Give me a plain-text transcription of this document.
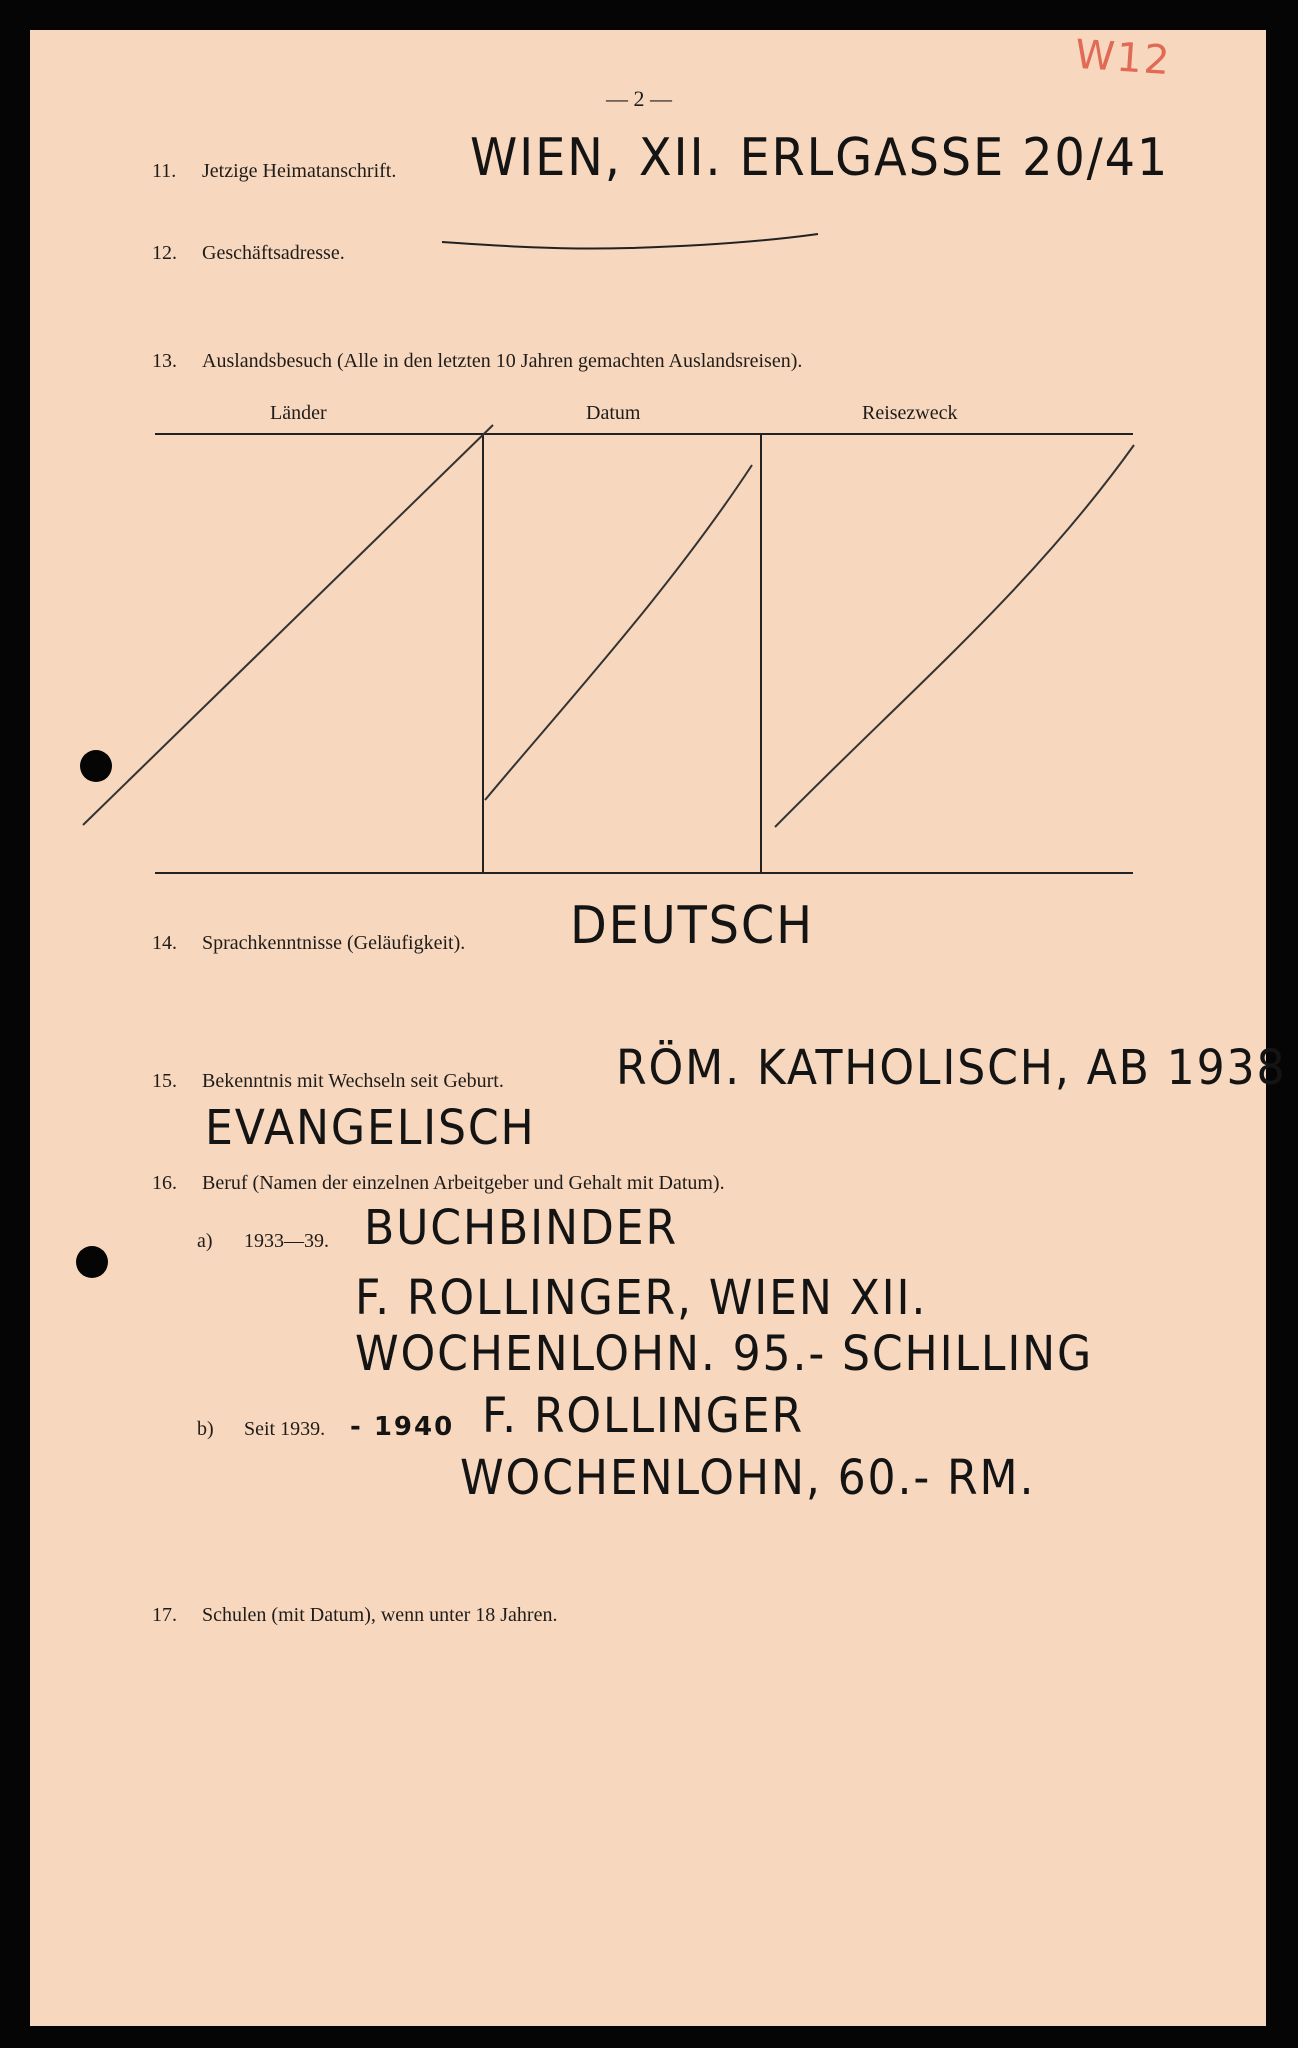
W12
— 2 —
11. Jetzige Heimatanschrift. WIEN, XII. ERLGASSE 20/41
12. Geschäftsadresse.
13. Auslandsbesuch (Alle in den letzten 10 Jahren gemachten Auslandsreisen).
Länder	Datum	Reisezweck
14. Sprachkenntnisse (Geläufigkeit). DEUTSCH
15. Bekenntnis mit Wechseln seit Geburt. RÖM. KATHOLISCH, AB 1938
EVANGELISCH
16. Beruf (Namen der einzelnen Arbeitgeber und Gehalt mit Datum).
a) 1933—39. BUCHBINDER
F. ROLLINGER, WIEN XII.
WOCHENLOHN. 95.- SCHILLING
b) Seit 1939. - 1940 F. ROLLINGER
WOCHENLOHN, 60.- RM.
17. Schulen (mit Datum), wenn unter 18 Jahren.
